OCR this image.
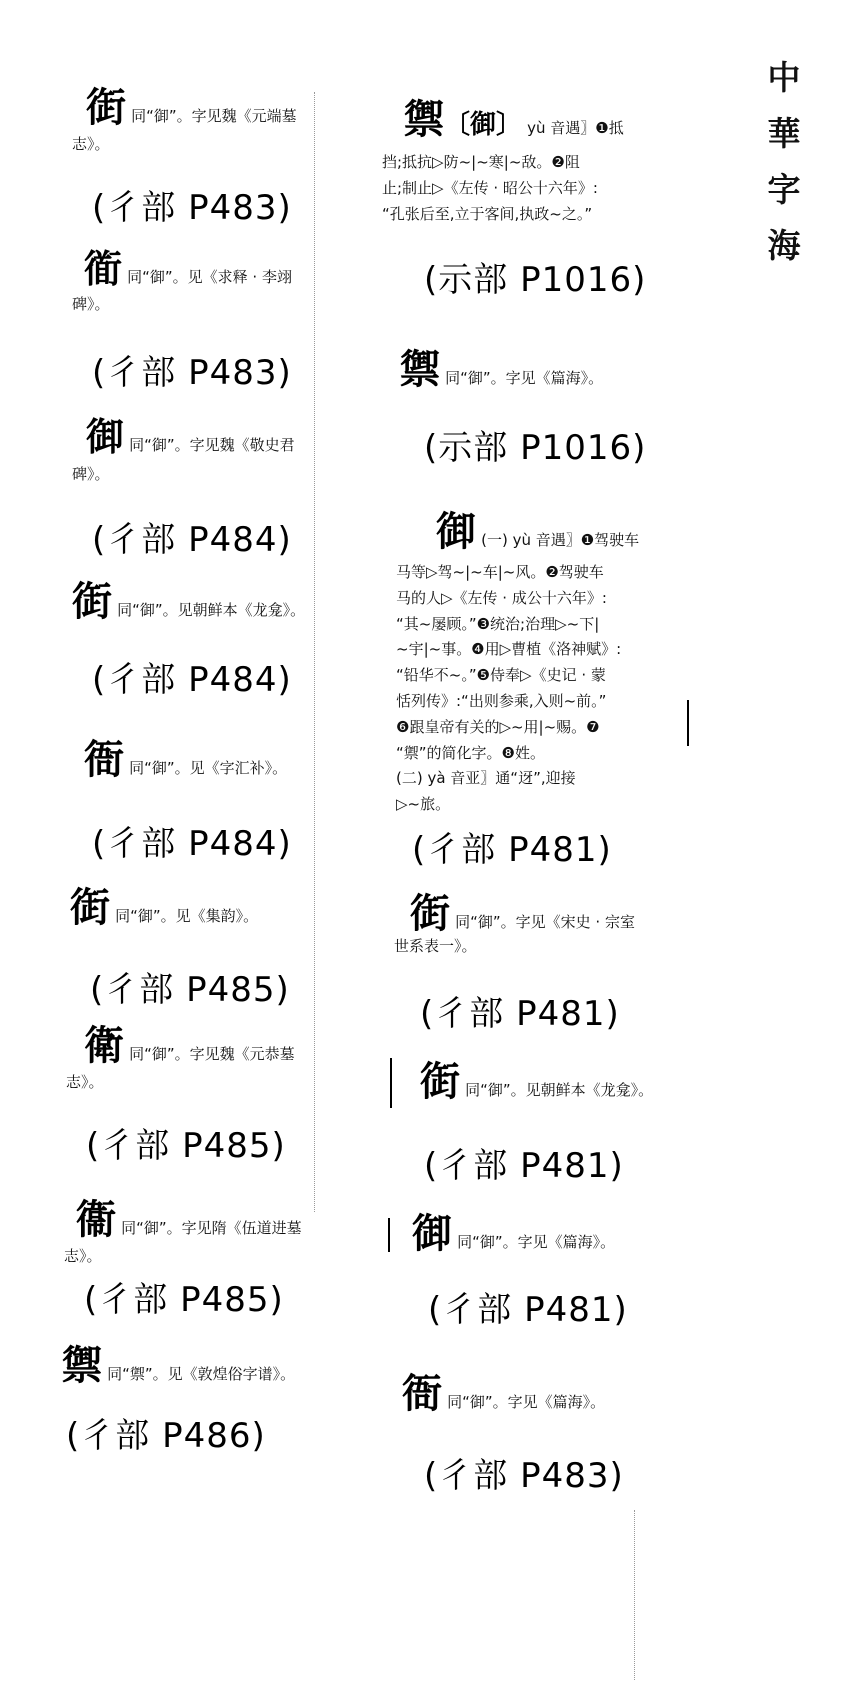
中
華
字
海
衘 同“御”。字见魏《元端墓
志》。
(彳部 P483)
衜 同“御”。见《求释 · 李翊
碑》。
(彳部 P483)
御 同“御”。字见魏《敬史君
碑》。
(彳部 P484)
衘 同“御”。见朝鲜本《龙龛》。
(彳部 P484)
衙 同“御”。见《字汇补》。
(彳部 P484)
衘 同“御”。见《集韵》。
(彳部 P485)
衛 同“御”。字见魏《元恭墓
志》。
(彳部 P485)
衞 同“御”。字见隋《伍道进墓
志》。
(彳部 P485)
禦 同“禦”。见《敦煌俗字谱》。
(彳部 P486)
禦〔御〕 yù 音遇〗❶抵
挡;抵抗▷防~|~寒|~敌。❷阻
止;制止▷《左传 · 昭公十六年》:
“孔张后至,立于客间,执政~之。”
(示部 P1016)
禦 同“御”。字见《篇海》。
(示部 P1016)
御 (一) yù 音遇〗❶驾驶车
马等▷驾~|~车|~风。❷驾驶车
马的人▷《左传 · 成公十六年》:
“其~屡顾。”❸统治;治理▷~下|
~宇|~事。❹用▷曹植《洛神赋》:
“铅华不~。”❺侍奉▷《史记 · 蒙
恬列传》:“出则参乘,入则~前。”
❻跟皇帝有关的▷~用|~赐。❼
“禦”的简化字。❽姓。
(二) yà 音亚〗通“迓”,迎接
▷~旅。
(彳部 P481)
衘 同“御”。字见《宋史 · 宗室
世系表一》。
(彳部 P481)
衘 同“御”。见朝鲜本《龙龛》。
(彳部 P481)
御 同“御”。字见《篇海》。
(彳部 P481)
衙 同“御”。字见《篇海》。
(彳部 P483)
